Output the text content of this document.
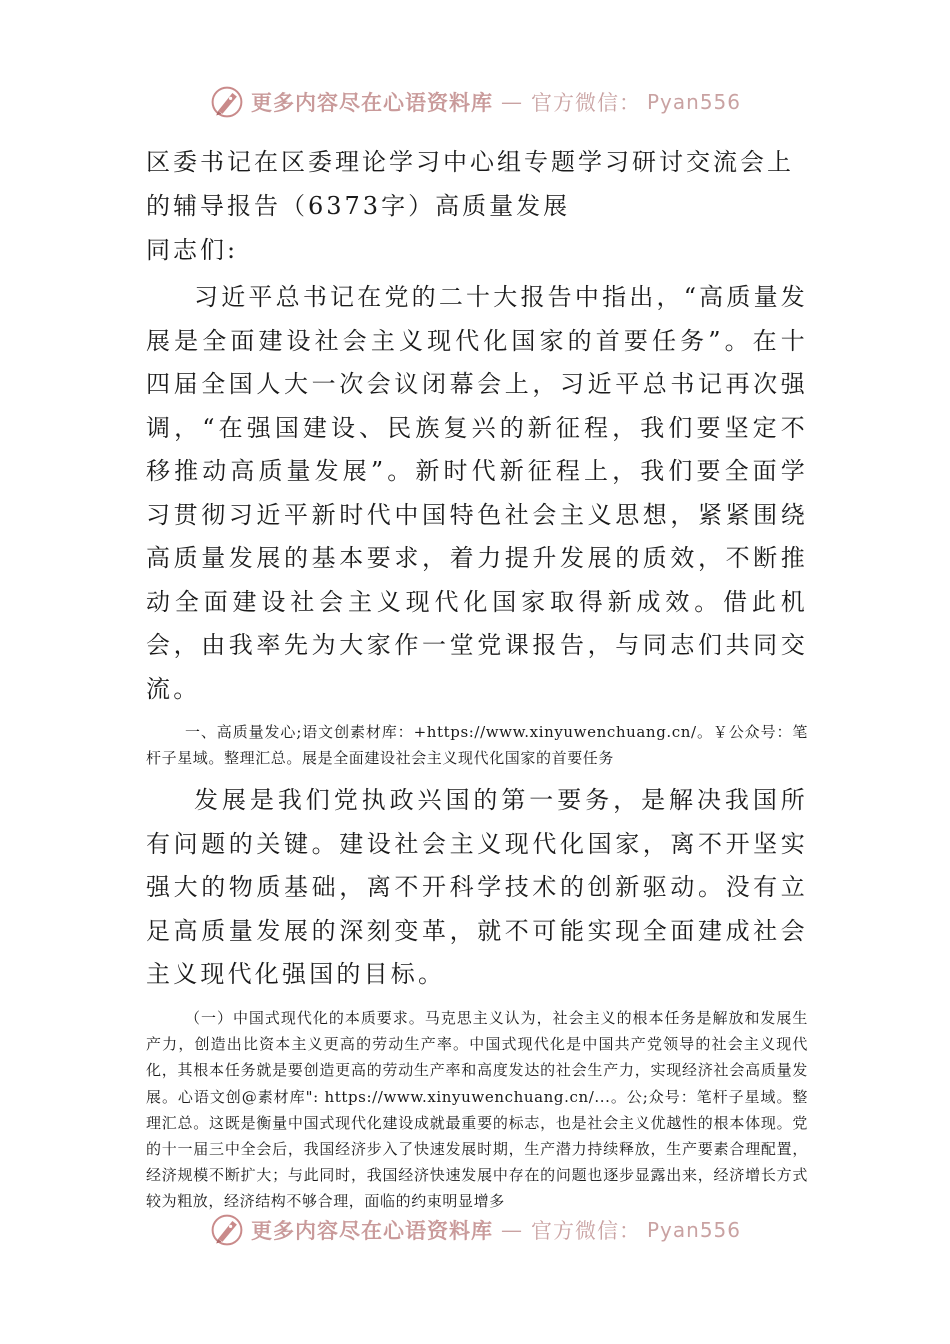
更多内容尽在心语资料库 — 官方微信： Pyan556
区委书记在区委理论学习中心组专题学习研讨交流会上的辅导报告（6373字）高质量发展

同志们:

习近平总书记在党的二十大报告中指出，“高质量发展是全面建设社会主义现代化国家的首要任务”。在十四届全国人大一次会议闭幕会上，习近平总书记再次强调，“在强国建设、民族复兴的新征程，我们要坚定不移推动高质量发展”。新时代新征程上，我们要全面学习贯彻习近平新时代中国特色社会主义思想，紧紧围绕高质量发展的基本要求，着力提升发展的质效，不断推动全面建设社会主义现代化国家取得新成效。借此机会，由我率先为大家作一堂党课报告，与同志们共同交流。

一、高质量发心;语文创素材库：+https://www.xinyuwenchuang.cn/。￥公众号：笔杆子星域。整理汇总。展是全面建设社会主义现代化国家的首要任务

发展是我们党执政兴国的第一要务，是解决我国所有问题的关键。建设社会主义现代化国家，离不开坚实强大的物质基础，离不开科学技术的创新驱动。没有立足高质量发展的深刻变革，就不可能实现全面建成社会主义现代化强国的目标。

（一）中国式现代化的本质要求。马克思主义认为，社会主义的根本任务是解放和发展生产力，创造出比资本主义更高的劳动生产率。中国式现代化是中国共产党领导的社会主义现代化，其根本任务就是要创造更高的劳动生产率和高度发达的社会生产力，实现经济社会高质量发展。心语文创@素材库": https://www.xinyuwenchuang.cn/...。公;众号：笔杆子星域。整理汇总。这既是衡量中国式现代化建设成就最重要的标志，也是社会主义优越性的根本体现。党的十一届三中全会后，我国经济步入了快速发展时期，生产潜力持续释放，生产要素合理配置，经济规模不断扩大；与此同时，我国经济快速发展中存在的问题也逐步显露出来，经济增长方式较为粗放，经济结构不够合理，面临的约束明显增多

更多内容尽在心语资料库 — 官方微信： Pyan556
